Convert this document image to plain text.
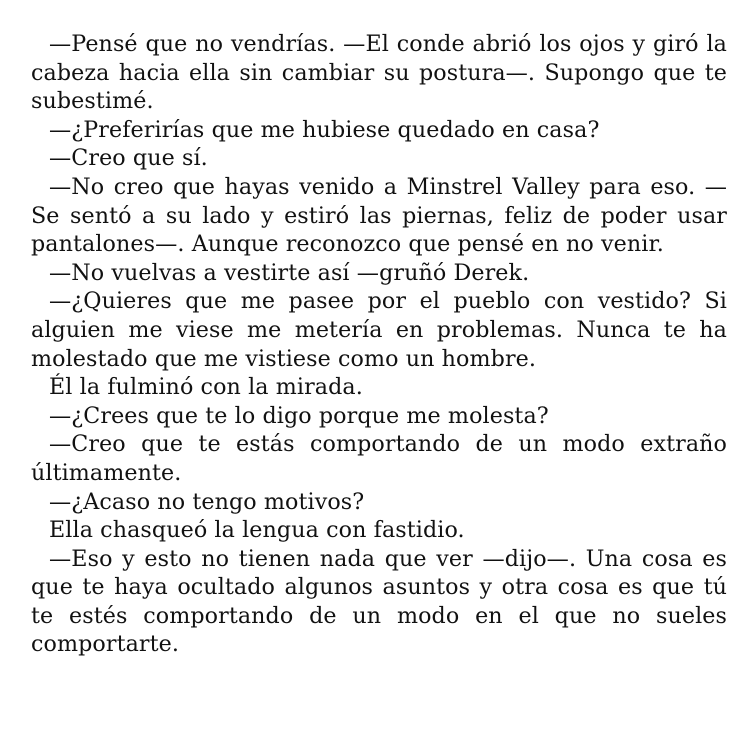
—Pensé que no vendrías. —El conde abrió los ojos y giró la cabeza hacia ella sin cambiar su postura—. Supongo que te subestimé.

—¿Preferirías que me hubiese quedado en casa?

—Creo que sí.

—No creo que hayas venido a Minstrel Valley para eso. —Se sentó a su lado y estiró las piernas, feliz de poder usar pantalones—. Aunque reconozco que pensé en no venir.

—No vuelvas a vestirte así —gruñó Derek.

—¿Quieres que me pasee por el pueblo con vestido? Si alguien me viese me metería en problemas. Nunca te ha molestado que me vistiese como un hombre.

Él la fulminó con la mirada.

—¿Crees que te lo digo porque me molesta?

—Creo que te estás comportando de un modo extraño últimamente.

—¿Acaso no tengo motivos?

Ella chasqueó la lengua con fastidio.

—Eso y esto no tienen nada que ver —dijo—. Una cosa es que te haya ocultado algunos asuntos y otra cosa es que tú te estés comportando de un modo en el que no sueles comportarte.
